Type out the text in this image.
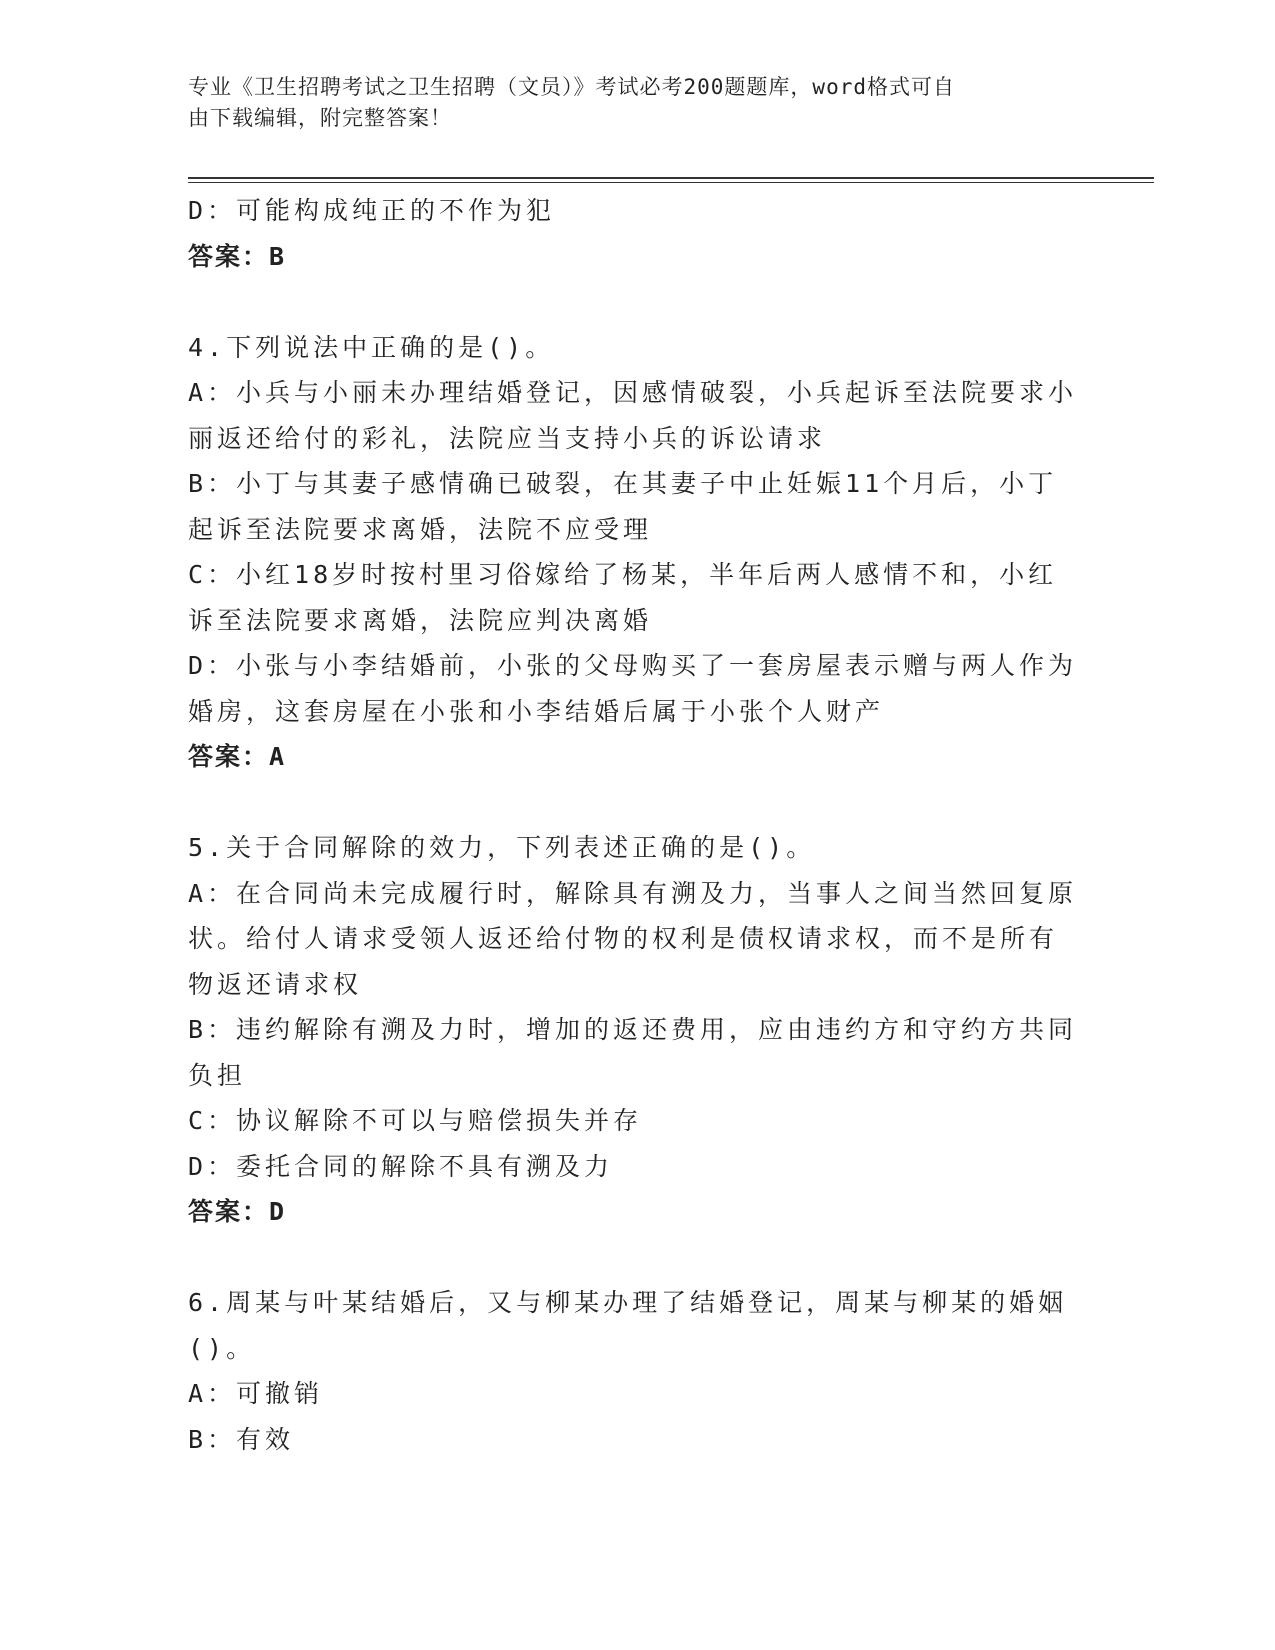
专业《卫生招聘考试之卫生招聘（文员）》考试必考200题题库，word格式可自
由下载编辑，附完整答案！
D：可能构成纯正的不作为犯
答案：B
4.下列说法中正确的是()。
A：小兵与小丽未办理结婚登记，因感情破裂，小兵起诉至法院要求小
丽返还给付的彩礼，法院应当支持小兵的诉讼请求
B：小丁与其妻子感情确已破裂，在其妻子中止妊娠11个月后，小丁
起诉至法院要求离婚，法院不应受理
C：小红18岁时按村里习俗嫁给了杨某，半年后两人感情不和，小红
诉至法院要求离婚，法院应判决离婚
D：小张与小李结婚前，小张的父母购买了一套房屋表示赠与两人作为
婚房，这套房屋在小张和小李结婚后属于小张个人财产
答案：A
5.关于合同解除的效力，下列表述正确的是()。
A：在合同尚未完成履行时，解除具有溯及力，当事人之间当然回复原
状。给付人请求受领人返还给付物的权利是债权请求权，而不是所有
物返还请求权
B：违约解除有溯及力时，增加的返还费用，应由违约方和守约方共同
负担
C：协议解除不可以与赔偿损失并存
D：委托合同的解除不具有溯及力
答案：D
6.周某与叶某结婚后，又与柳某办理了结婚登记，周某与柳某的婚姻
()。
A：可撤销
B：有效
